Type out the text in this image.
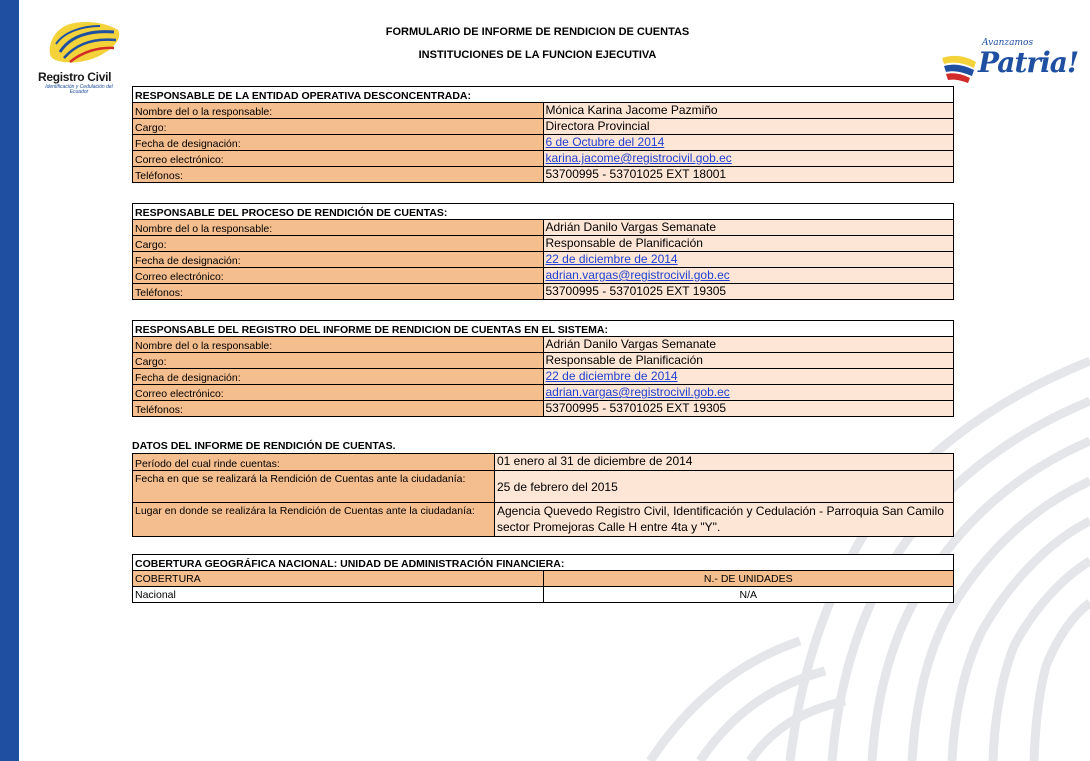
Registro Civil
Identificación y Cedulación del Ecuador
Avanzamos
Patria!
FORMULARIO DE INFORME DE RENDICION DE CUENTAS
INSTITUCIONES DE LA FUNCION EJECUTIVA
RESPONSABLE DE LA ENTIDAD OPERATIVA DESCONCENTRADA:	
Nombre del o la responsable:	Mónica Karina Jacome Pazmiño
Cargo:	Directora Provincial
Fecha de designación:	6 de Octubre del 2014
Correo electrónico:	karina.jacome@registrocivil.gob.ec
Teléfonos:	53700995 - 53701025 EXT 18001
RESPONSABLE DEL PROCESO DE RENDICIÓN DE CUENTAS:	
Nombre del o la responsable:	Adrián Danilo Vargas Semanate
Cargo:	Responsable de Planificación
Fecha de designación:	22 de diciembre de 2014
Correo electrónico:	adrian.vargas@registrocivil.gob.ec
Teléfonos:	53700995 - 53701025 EXT 19305
RESPONSABLE DEL REGISTRO DEL INFORME DE RENDICION DE CUENTAS EN EL SISTEMA:	
Nombre del o la responsable:	Adrián Danilo Vargas Semanate
Cargo:	Responsable de Planificación
Fecha de designación:	22 de diciembre de 2014
Correo electrónico:	adrian.vargas@registrocivil.gob.ec
Teléfonos:	53700995 - 53701025 EXT 19305
DATOS DEL INFORME DE RENDICIÓN DE CUENTAS.
Período del cual rinde cuentas:	01 enero al 31 de diciembre de 2014
Fecha en que se realizará la Rendición de Cuentas ante la ciudadanía:	25 de febrero del 2015
Lugar en donde se realizára la Rendición de Cuentas ante la ciudadanía:	Agencia Quevedo Registro Civil, Identificación y Cedulación - Parroquia San Camilo sector Promejoras Calle H entre 4ta y "Y".
COBERTURA GEOGRÁFICA NACIONAL: UNIDAD DE ADMINISTRACIÓN FINANCIERA:	
COBERTURA	N.- DE UNIDADES
Nacional	N/A
